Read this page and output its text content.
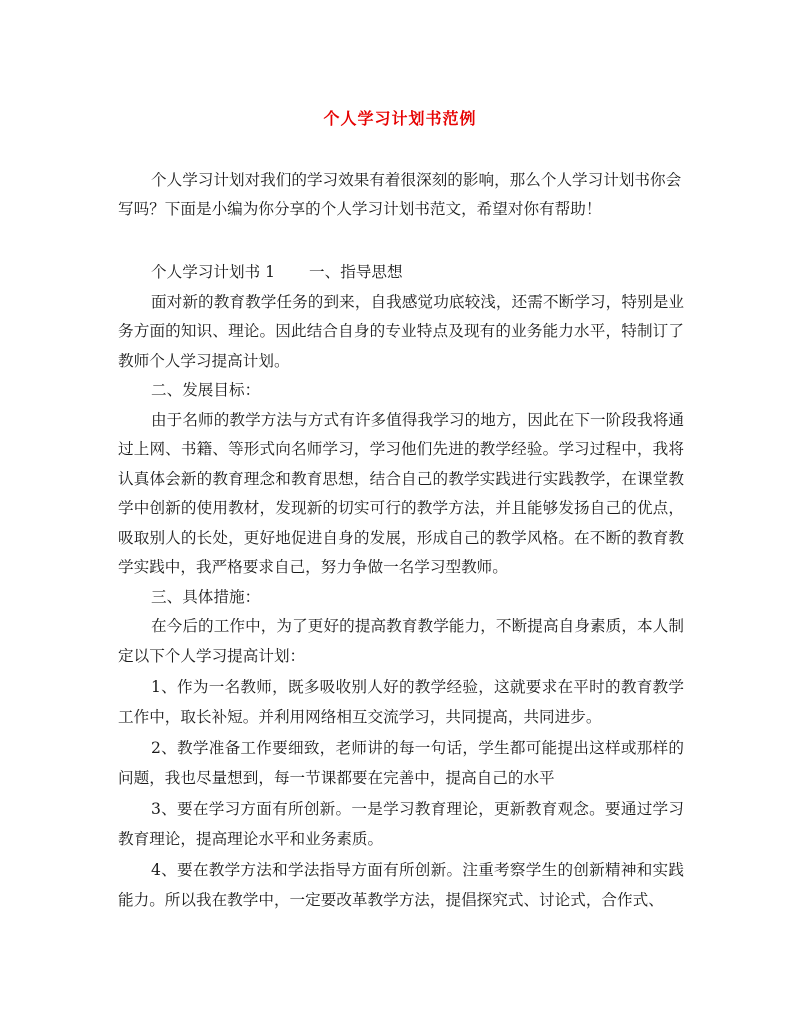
个人学习计划书范例

个人学习计划对我们的学习效果有着很深刻的影响，那么个人学习计划书你会写吗？下面是小编为你分享的个人学习计划书范文，希望对你有帮助！

个人学习计划书 1 一、指导思想

面对新的教育教学任务的到来，自我感觉功底较浅，还需不断学习，特别是业务方面的知识、理论。因此结合自身的专业特点及现有的业务能力水平，特制订了教师个人学习提高计划。

二、发展目标：

由于名师的教学方法与方式有许多值得我学习的地方，因此在下一阶段我将通过上网、书籍、等形式向名师学习，学习他们先进的教学经验。学习过程中，我将认真体会新的教育理念和教育思想，结合自己的教学实践进行实践教学，在课堂教学中创新的使用教材，发现新的切实可行的教学方法，并且能够发扬自己的优点，吸取别人的长处，更好地促进自身的发展，形成自己的教学风格。在不断的教育教学实践中，我严格要求自己，努力争做一名学习型教师。

三、具体措施：

在今后的工作中，为了更好的提高教育教学能力，不断提高自身素质，本人制定以下个人学习提高计划：

1、作为一名教师，既多吸收别人好的教学经验，这就要求在平时的教育教学工作中，取长补短。并利用网络相互交流学习，共同提高，共同进步。

2、教学准备工作要细致，老师讲的每一句话，学生都可能提出这样或那样的问题，我也尽量想到，每一节课都要在完善中，提高自己的水平

3、要在学习方面有所创新。一是学习教育理论，更新教育观念。要通过学习教育理论，提高理论水平和业务素质。

4、要在教学方法和学法指导方面有所创新。注重考察学生的创新精神和实践能力。所以我在教学中，一定要改革教学方法，提倡探究式、讨论式，合作式、
